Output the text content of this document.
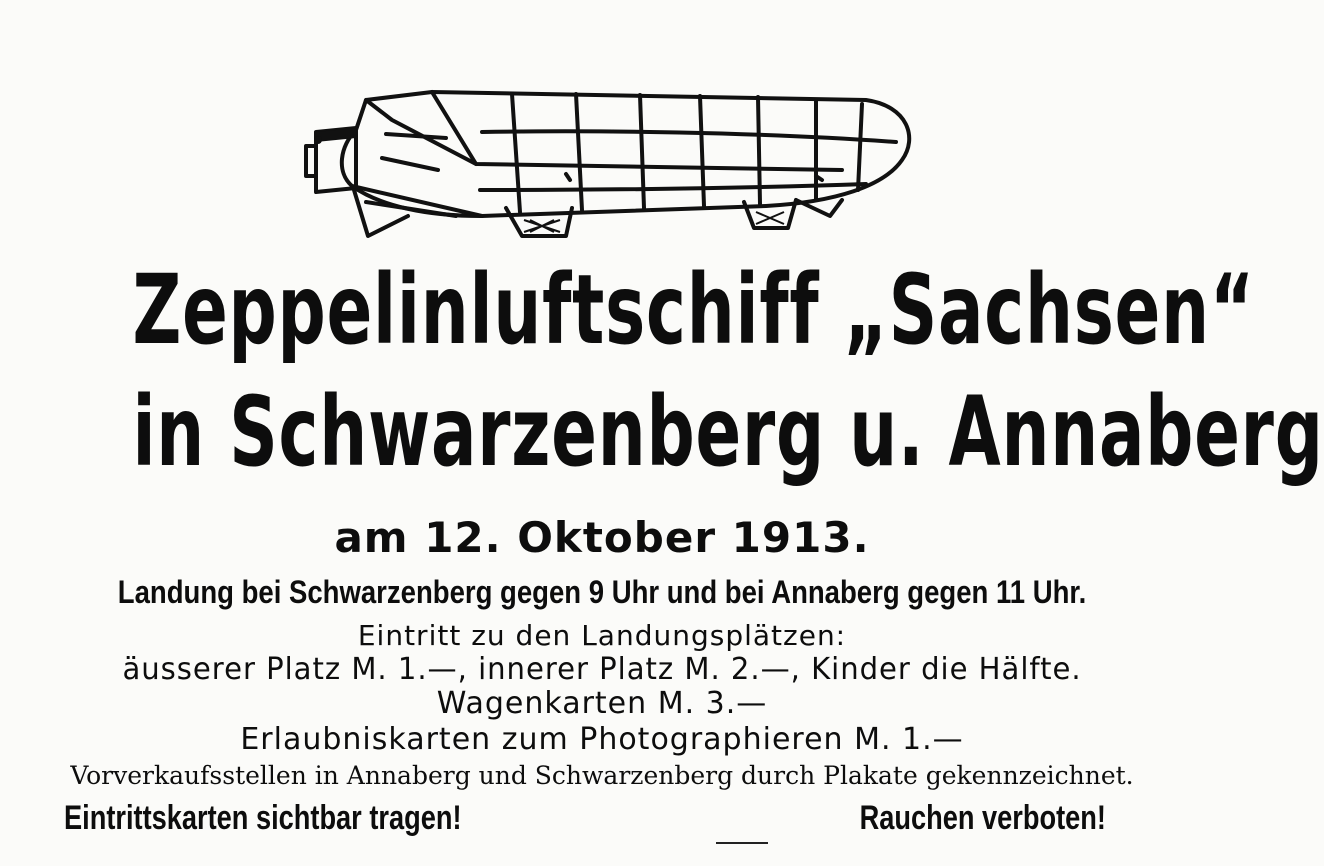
Zeppelinluftschiff „Sachsen“
in Schwarzenberg u. Annaberg
am 12. Oktober 1913.
Landung bei Schwarzenberg gegen 9 Uhr und bei Annaberg gegen 11 Uhr.
Eintritt zu den Landungsplätzen:
äusserer Platz M. 1.—, innerer Platz M. 2.—, Kinder die Hälfte.
Wagenkarten M. 3.—
Erlaubniskarten zum Photographieren M. 1.—
Vorverkaufsstellen in Annaberg und Schwarzenberg durch Plakate gekennzeichnet.
Eintrittskarten sichtbar tragen!	Rauchen verboten!
